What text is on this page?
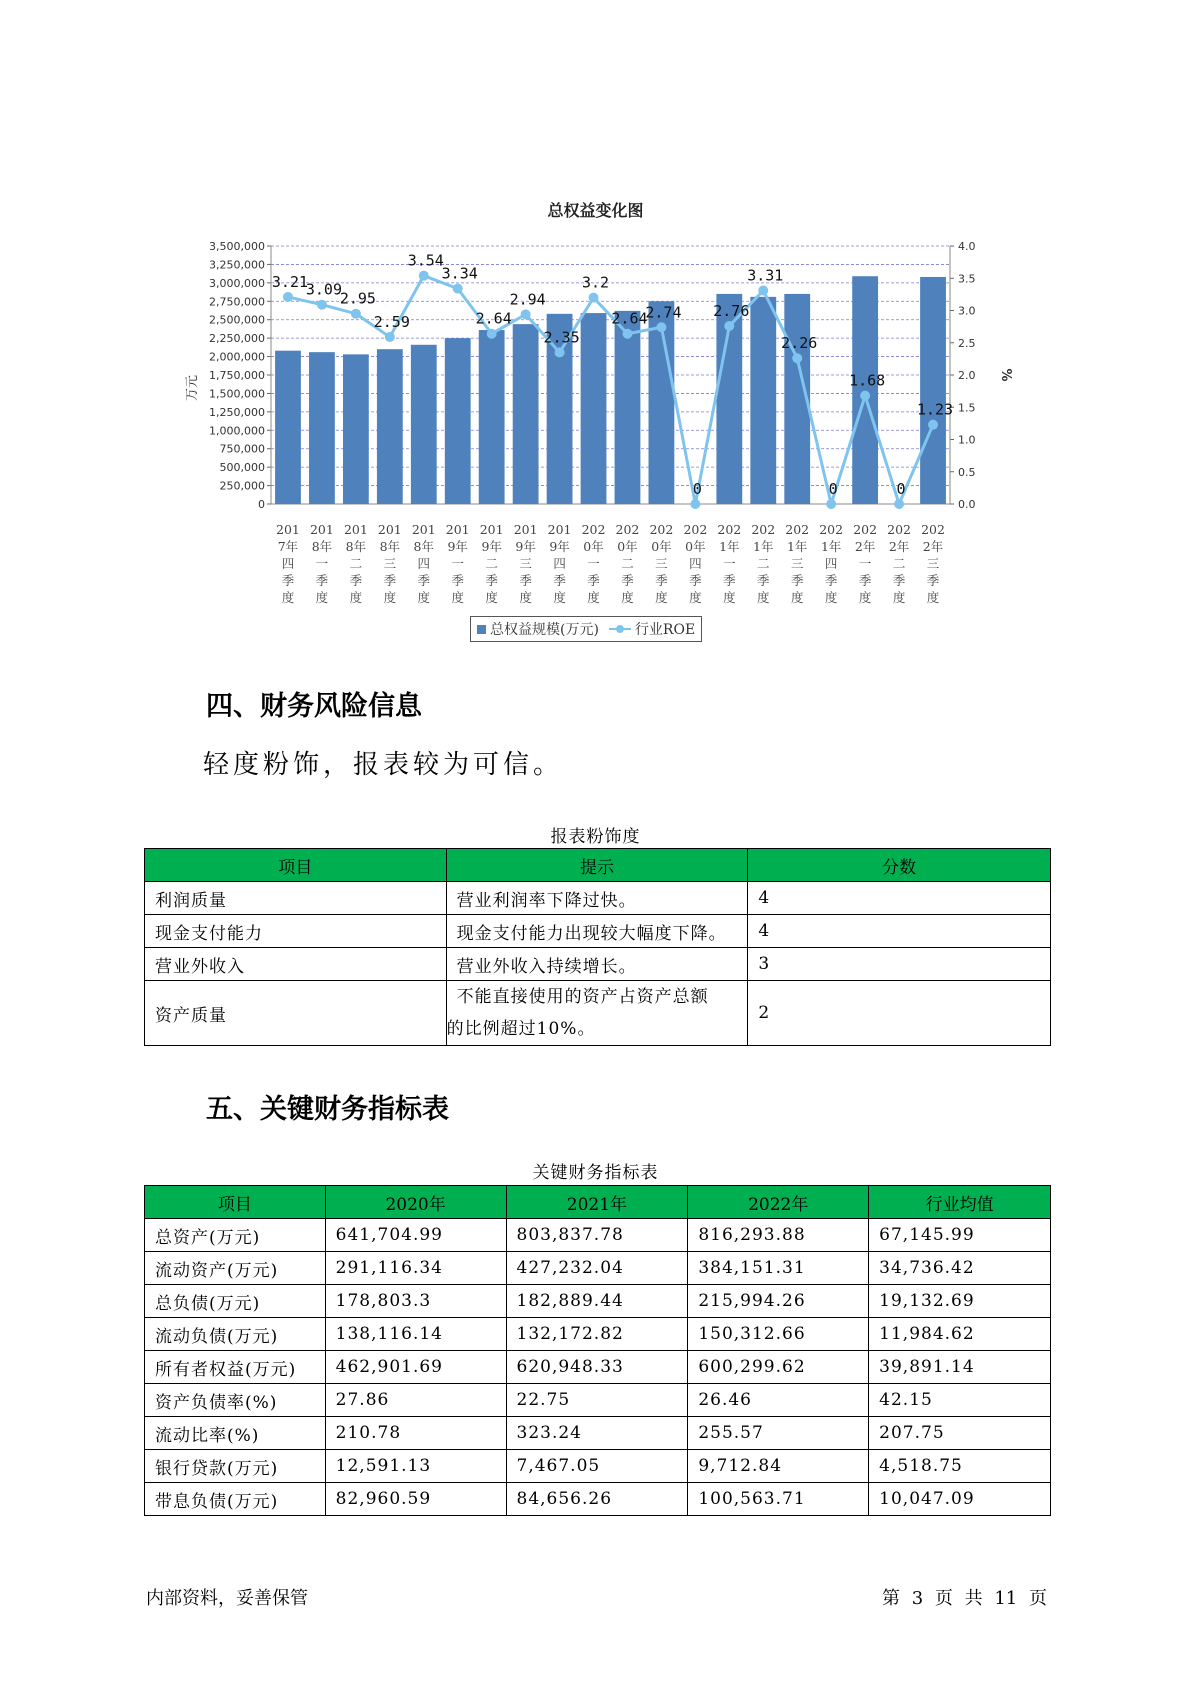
总权益变化图
3,500,000
3,250,000
3,000,000
2,750,000
2,500,000
2,250,000
2,000,000
1,750,000
1,500,000
1,250,000
1,000,000
750,000
500,000
250,000
0
4.0
3.5
3.0
2.5
2.0
1.5
1.0
0.5
0.0
万元	%
3.21
3.09
2.95
2.59
3.54
3.34
2.64
2.94
2.35
3.2
2.64
2.74
0
2.76
3.31
2.26
0
1.68
0
1.23
201
7年
四
季
度
201
8年
一
季
度
201
8年
二
季
度
201
8年
三
季
度
201
8年
四
季
度
201
9年
一
季
度
201
9年
二
季
度
201
9年
三
季
度
201
9年
四
季
度
202
0年
一
季
度
202
0年
二
季
度
202
0年
三
季
度
202
0年
四
季
度
202
1年
一
季
度
202
1年
二
季
度
202
1年
三
季
度
202
1年
四
季
度
202
2年
一
季
度
202
2年
二
季
度
202
2年
三
季
度
总权益规模(万元)	行业ROE
四、财务风险信息
轻度粉饰，报表较为可信。
报表粉饰度
项目	提示	分数
利润质量	营业利润率下降过快。	4
现金支付能力	现金支付能力出现较大幅度下降。	4
营业外收入	营业外收入持续增长。	3
资产质量	不能直接使用的资产占资产总额
的比例超过10%。	2
五、关键财务指标表
关键财务指标表
项目	2020年	2021年	2022年	行业均值
总资产(万元)	641,704.99	803,837.78	816,293.88	67,145.99
流动资产(万元)	291,116.34	427,232.04	384,151.31	34,736.42
总负债(万元)	178,803.3	182,889.44	215,994.26	19,132.69
流动负债(万元)	138,116.14	132,172.82	150,312.66	11,984.62
所有者权益(万元)	462,901.69	620,948.33	600,299.62	39,891.14
资产负债率(%)	27.86	22.75	26.46	42.15
流动比率(%)	210.78	323.24	255.57	207.75
银行贷款(万元)	12,591.13	7,467.05	9,712.84	4,518.75
带息负债(万元)	82,960.59	84,656.26	100,563.71	10,047.09
内部资料，妥善保管	第 3 页 共 11 页
